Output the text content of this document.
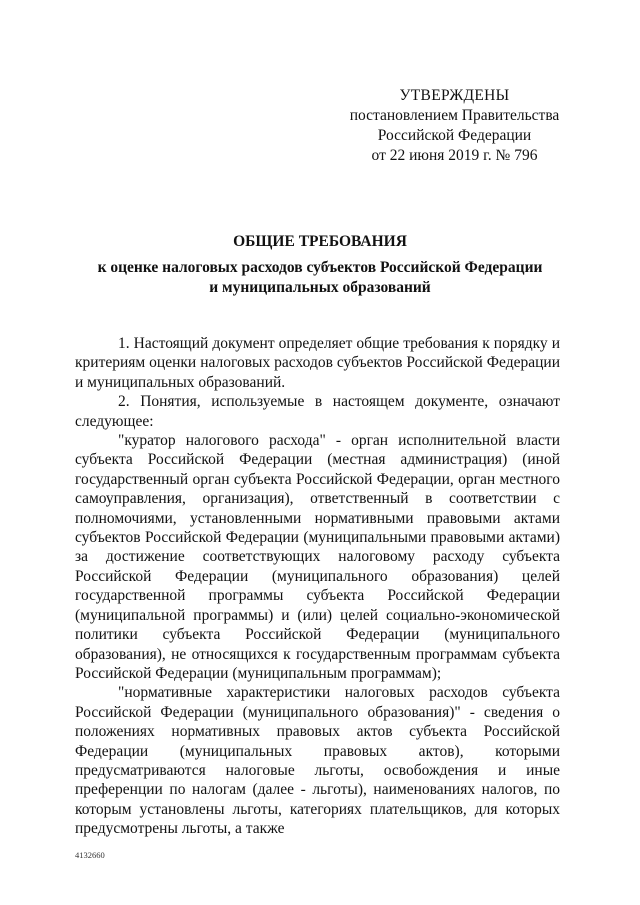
УТВЕРЖДЕНЫ
постановлением Правительства
Российской Федерации
от 22 июня 2019 г. № 796
ОБЩИЕ ТРЕБОВАНИЯ
к оценке налоговых расходов субъектов Российской Федерации
и муниципальных образований

1. Настоящий документ определяет общие требования к порядку и критериям оценки налоговых расходов субъектов Российской Федерации и муниципальных образований.

2. Понятия, используемые в настоящем документе, означают следующее:

"куратор налогового расхода" - орган исполнительной власти субъекта Российской Федерации (местная администрация) (иной государственный орган субъекта Российской Федерации, орган местного самоуправления, организация), ответственный в соответствии с полномочиями, установленными нормативными правовыми актами субъектов Российской Федерации (муниципальными правовыми актами) за достижение соответствующих налоговому расходу субъекта Российской Федерации (муниципального образования) целей государственной программы субъекта Российской Федерации (муниципальной программы) и (или) целей социально-экономической политики субъекта Российской Федерации (муниципального образования), не относящихся к государственным программам субъекта Российской Федерации (муниципальным программам);

"нормативные характеристики налоговых расходов субъекта Российской Федерации (муниципального образования)" - сведения о положениях нормативных правовых актов субъекта Российской Федерации (муниципальных правовых актов), которыми предусматриваются налоговые льготы, освобождения и иные преференции по налогам (далее - льготы), наименованиях налогов, по которым установлены льготы, категориях плательщиков, для которых предусмотрены льготы, а также

4132660
